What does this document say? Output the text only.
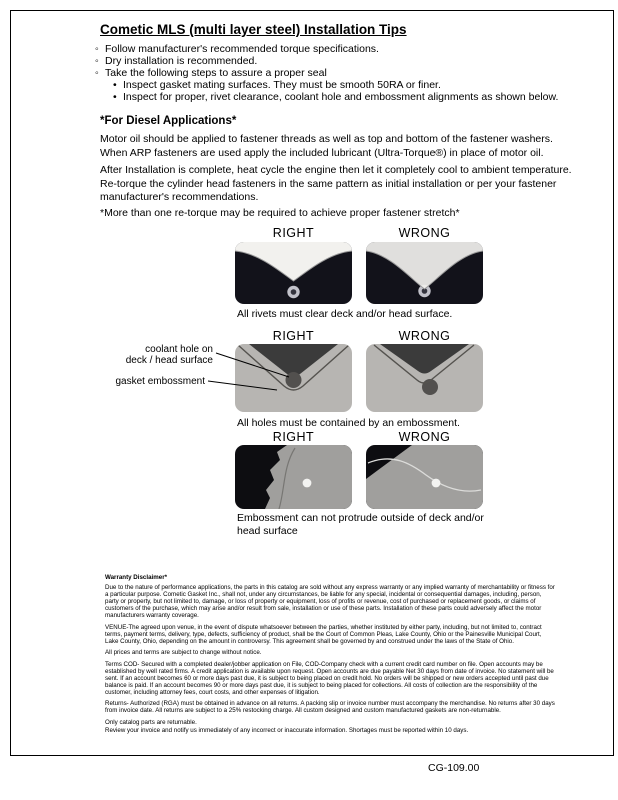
Cometic MLS (multi layer steel) Installation Tips
◦ Follow manufacturer's recommended torque specifications.
◦ Dry installation is recommended.
◦ Take the following steps to assure a proper seal
• Inspect gasket mating surfaces. They must be smooth 50RA or finer.
• Inspect for proper, rivet clearance, coolant hole and embossment alignments as shown below.
*For Diesel Applications*
Motor oil should be applied to fastener threads as well as top and bottom of the fastener washers. When ARP fasteners are used apply the included lubricant (Ultra-Torque®) in place of motor oil.
After Installation is complete, heat cycle the engine then let it completely cool to ambient temperature. Re-torque the cylinder head fasteners in the same pattern as initial installation or per your fastener manufacturer's recommendations.
*More than one re-torque may be required to achieve proper fastener stretch*
RIGHT	WRONG
All rivets must clear deck and/or head surface.
RIGHT	WRONG
coolant hole on
deck / head surface
gasket embossment
All holes must be contained by an embossment.
RIGHT	WRONG
Embossment can not protrude outside of deck and/or head surface
Warranty Disclaimer*

Due to the nature of performance applications, the parts in this catalog are sold without any express warranty or any implied warranty of merchantability or fitness for a particular purpose. Cometic Gasket Inc., shall not, under any circumstances, be liable for any special, incidental or consequential damages, including, person, party or property, but not limited to, damage, or loss of property or equipment, loss of profits or revenue, cost of purchased or replacement goods, or claims of customers of the purchase, which may arise and/or result from sale, installation or use of these parts. Installation of these parts could adversely affect the motor manufacturers warranty coverage.

VENUE-The agreed upon venue, in the event of dispute whatsoever between the parties, whether instituted by either party, including, but not limited to, contract terms, payment terms, delivery, type, defects, sufficiency of product, shall be the Court of Common Pleas, Lake County, Ohio or the Painesville Municipal Court, Lake County, Ohio, depending on the amount in controversy. This agreement shall be governed by and construed under the laws of the State of Ohio.

All prices and terms are subject to change without notice.

Terms COD- Secured with a completed dealer/jobber application on File, COD-Company check with a current credit card number on file. Open accounts may be established by well rated firms. A credit application is available upon request. Open accounts are due payable Net 30 days from date of invoice. No statement will be sent. If an account becomes 60 or more days past due, it is subject to being placed on credit hold. No orders will be shipped or new orders accepted until past due balance is paid. If an account becomes 90 or more days past due, it is subject to being placed for collections. All costs of collection are the responsibility of the customer, including attorney fees, court costs, and other expenses of litigation.

Returns- Authorized (RGA) must be obtained in advance on all returns. A packing slip or invoice number must accompany the merchandise. No returns after 30 days from invoice date. All returns are subject to a 25% restocking charge. All custom designed and custom manufactured gaskets are non-returnable.

Only catalog parts are returnable.

Review your invoice and notify us immediately of any incorrect or inaccurate information. Shortages must be reported within 10 days.

CG-109.00
